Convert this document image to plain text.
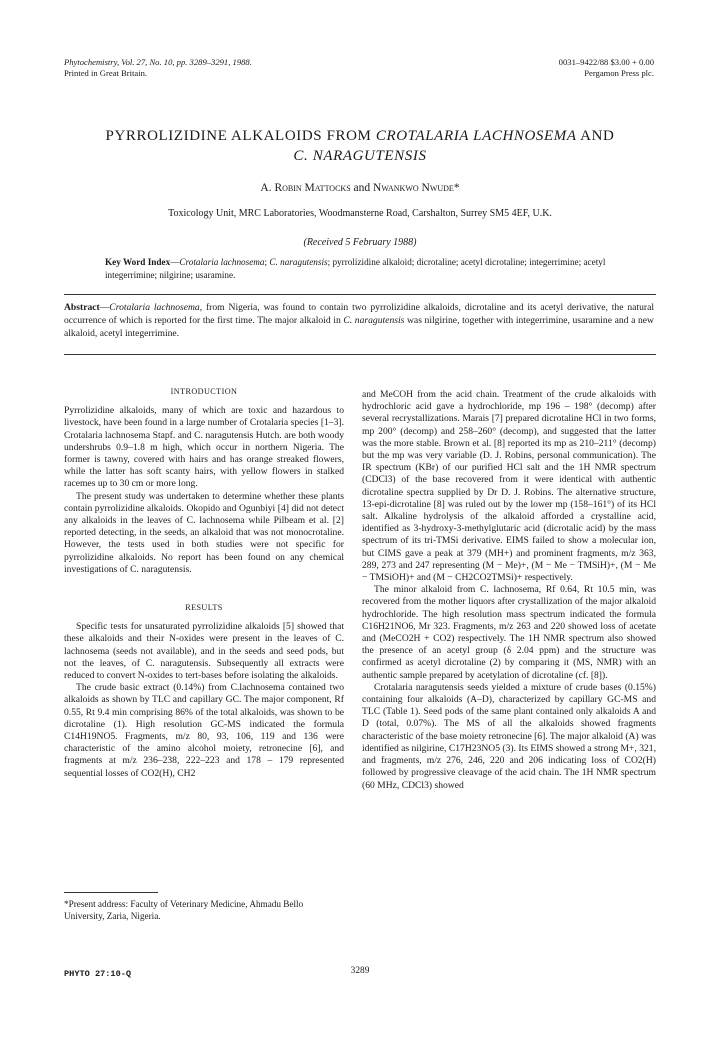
Phytochemistry, Vol. 27, No. 10, pp. 3289–3291, 1988.
Printed in Great Britain.
0031–9422/88 $3.00 + 0.00
Pergamon Press plc.
PYRROLIZIDINE ALKALOIDS FROM CROTALARIA LACHNOSEMA AND
C. NARAGUTENSIS
A. Robin Mattocks and Nwankwo Nwude*
Toxicology Unit, MRC Laboratories, Woodmansterne Road, Carshalton, Surrey SM5 4EF, U.K.
(Received 5 February 1988)
Key Word Index—Crotalaria lachnosema; C. naragutensis; pyrrolizidine alkaloid; dicrotaline; acetyl dicrotaline; integerrimine; acetyl integerrimine; nilgirine; usaramine.
Abstract—Crotalaria lachnosema, from Nigeria, was found to contain two pyrrolizidine alkaloids, dicrotaline and its acetyl derivative, the natural occurrence of which is reported for the first time. The major alkaloid in C. naragutensis was nilgirine, together with integerrimine, usaramine and a new alkaloid, acetyl integerrimine.
INTRODUCTION

Pyrrolizidine alkaloids, many of which are toxic and hazardous to livestock, have been found in a large number of Crotalaria species [1–3]. Crotalaria lachnosema Stapf. and C. naragutensis Hutch. are both woody undershrubs 0.9–1.8 m high, which occur in northern Nigeria. The former is tawny, covered with hairs and has orange streaked flowers, while the latter has soft scanty hairs, with yellow flowers in stalked racemes up to 30 cm or more long.

The present study was undertaken to determine whether these plants contain pyrrolizidine alkaloids. Okopido and Ogunbiyi [4] did not detect any alkaloids in the leaves of C. lachnosema while Pilbeam et al. [2] reported detecting, in the seeds, an alkaloid that was not monocrotaline. However, the tests used in both studies were not specific for pyrrolizidine alkaloids. No report has been found on any chemical investigations of C. naragutensis.

RESULTS

Specific tests for unsaturated pyrrolizidine alkaloids [5] showed that these alkaloids and their N-oxides were present in the leaves of C. lachnosema (seeds not available), and in the seeds and seed pods, but not the leaves, of C. naragutensis. Subsequently all extracts were reduced to convert N-oxides to tert-bases before isolating the alkaloids.

The crude basic extract (0.14%) from C.lachnosema contained two alkaloids as shown by TLC and capillary GC. The major component, Rf 0.55, Rt 9.4 min comprising 86% of the total alkaloids, was shown to be dicrotaline (1). High resolution GC-MS indicated the formula C14H19NO5. Fragments, m/z 80, 93, 106, 119 and 136 were characteristic of the amino alcohol moiety, retronecine [6], and fragments at m/z 236–238, 222–223 and 178 – 179 represented sequential losses of CO2(H), CH2

and MeCOH from the acid chain. Treatment of the crude alkaloids with hydrochloric acid gave a hydrochloride, mp 196 – 198° (decomp) after several recrystallizations. Marais [7] prepared dicrotaline HCl in two forms, mp 200° (decomp) and 258–260° (decomp), and suggested that the latter was the more stable. Brown et al. [8] reported its mp as 210–211° (decomp) but the mp was very variable (D. J. Robins, personal communication). The IR spectrum (KBr) of our purified HCl salt and the 1H NMR spectrum (CDCl3) of the base recovered from it were identical with authentic dicrotaline spectra supplied by Dr D. J. Robins. The alternative structure, 13-epi-dicrotaline [8] was ruled out by the lower mp (158–161°) of its HCl salt. Alkaline hydrolysis of the alkaloid afforded a crystalline acid, identified as 3-hydroxy-3-methylglutaric acid (dicrotalic acid) by the mass spectrum of its tri-TMSi derivative. EIMS failed to show a molecular ion, but CIMS gave a peak at 379 (MH+) and prominent fragments, m/z 363, 289, 273 and 247 representing (M − Me)+, (M − Me − TMSiH)+, (M − Me − TMSiOH)+ and (M − CH2CO2TMSi)+ respectively.

The minor alkaloid from C. lachnosema, Rf 0.64, Rt 10.5 min, was recovered from the mother liquors after crystallization of the major alkaloid hydrochloride. The high resolution mass spectrum indicated the formula C16H21NO6, Mr 323. Fragments, m/z 263 and 220 showed loss of acetate and (MeCO2H + CO2) respectively. The 1H NMR spectrum also showed the presence of an acetyl group (δ 2.04 ppm) and the structure was confirmed as acetyl dicrotaline (2) by comparing it (MS, NMR) with an authentic sample prepared by acetylation of dicrotaline (cf. [8]).

Crotalaria naragutensis seeds yielded a mixture of crude bases (0.15%) containing four alkaloids (A–D), characterized by capillary GC-MS and TLC (Table 1). Seed pods of the same plant contained only alkaloids A and D (total, 0.07%). The MS of all the alkaloids showed fragments characteristic of the base moiety retronecine [6]. The major alkaloid (A) was identified as nilgirine, C17H23NO5 (3). Its EIMS showed a strong M+, 321, and fragments, m/z 276, 246, 220 and 206 indicating loss of CO2(H) followed by progressive cleavage of the acid chain. The 1H NMR spectrum (60 MHz, CDCl3) showed

*Present address: Faculty of Veterinary Medicine, Ahmadu Bello University, Zaria, Nigeria.
PHYTO 27:10-Q	3289
